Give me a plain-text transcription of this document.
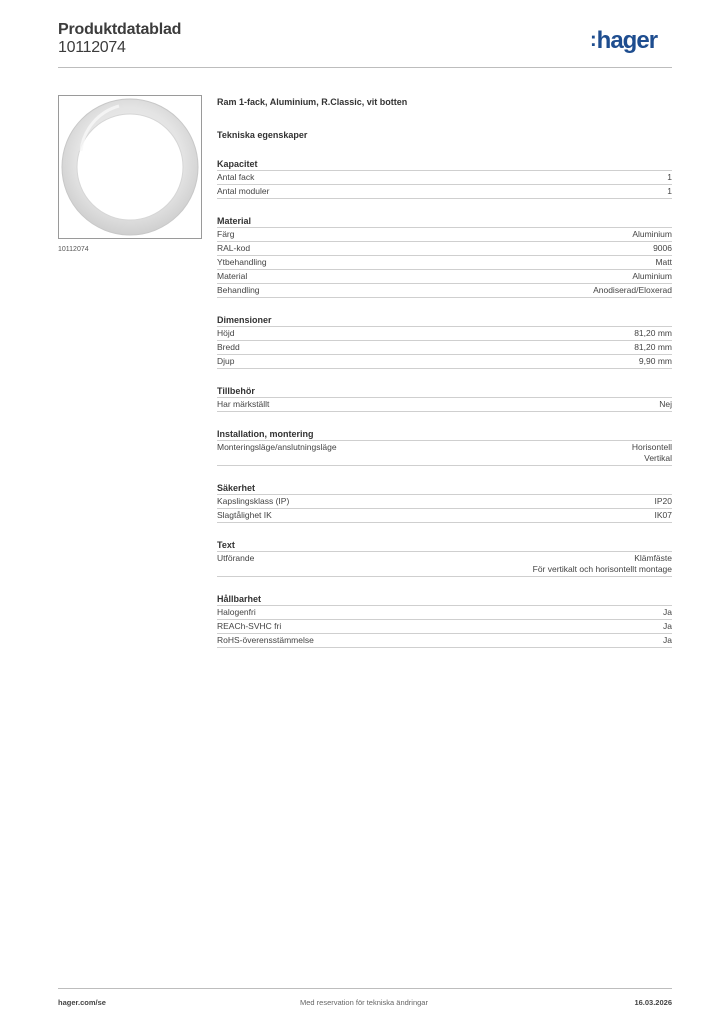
Produktdatablad
10112074	:hager
10112074
Ram 1-fack, Aluminium, R.Classic, vit botten
Tekniska egenskaper
Kapacitet
Antal fack	1
Antal moduler	1
Material
Färg	Aluminium
RAL-kod	9006
Ytbehandling	Matt
Material	Aluminium
Behandling	Anodiserad/Eloxerad
Dimensioner
Höjd	81,20 mm
Bredd	81,20 mm
Djup	9,90 mm
Tillbehör
Har märkställt	Nej
Installation, montering
Monteringsläge/anslutningsläge	Horisontell
Vertikal
Säkerhet
Kapslingsklass (IP)	IP20
Slagtålighet IK	IK07
Text
Utförande	Klämfäste
För vertikalt och horisontellt montage
Hållbarhet
Halogenfri	Ja
REACh-SVHC fri	Ja
RoHS-överensstämmelse	Ja
hager.com/se	Med reservation för tekniska ändringar	16.03.2026
